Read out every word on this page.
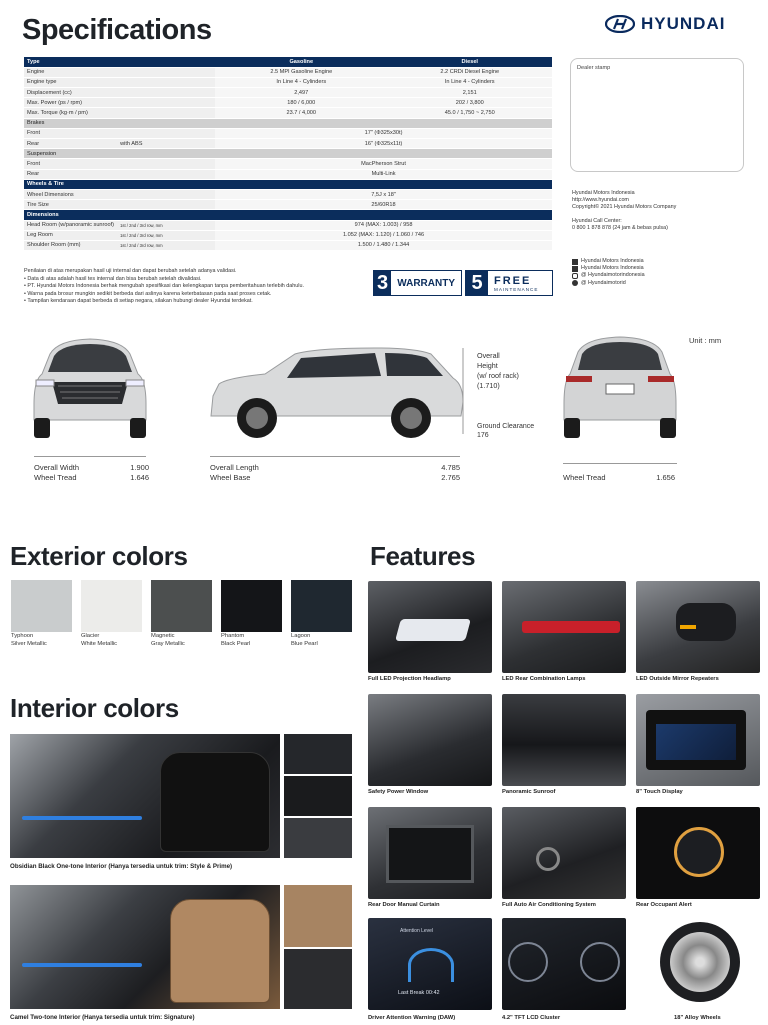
Specifications	HYUNDAI
Type		Gasoline	Diesel
Engine		2.5 MPI Gasoline Engine	2.2 CRDi Diesel Engine
Engine type		In Line 4 - Cylinders	In Line 4 - Cylinders
Displacement (cc)		2,497	2,151
Max. Power (ps / rpm)		180 / 6,000	202 / 3,800
Max. Torque (kg·m / pm)		23.7 / 4,000	45.0 / 1,750 ~ 2,750
Brakes			
Front		17" (Φ325x30t)	
Rear	with ABS	16" (Φ325x11t)	
Suspension			
Front		MacPherson Strut	
Rear		Multi-Link	
Wheels & Tire			
Wheel Dimensions		7,5J x 18"	
Tire Size		25/60R18	
Dimensions			
Head Room (w/panoramic sunroof)	1st / 2nd / 3rd row, mm	974 (MAX: 1.003) / 958	
Leg Room	1st / 2nd / 3rd row, mm	1.052 (MAX: 1.120) / 1.060 / 746	
Shoulder Room (mm)	1st / 2nd / 3rd row, mm	1.500 / 1.480 / 1.344	
Dealer stamp
Hyundai Motors Indonesia
http://www.hyundai.com
Copyright© 2021 Hyundai Motors Company
Hyundai Call Center:
0 800 1 878 878 (24 jam & bebas pulsa)
Hyundai Motors Indonesia
Hyundai Motors Indonesia
@ Hyundaimotorindonesia
@ Hyundaimotorid
Penilaian di atas merupakan hasil uji internal dan dapat berubah setelah adanya validasi.
• Data di atas adalah hasil tes internal dan bisa berubah setelah divalidasi.
• PT. Hyundai Motors Indonesia berhak mengubah spesifikasi dan kelengkapan tanpa pemberitahuan terlebih dahulu.
• Warna pada brosur mungkin sedikit berbeda dari aslinya karena keterbatasan pada saat proses cetak.
• Tampilan kendaraan dapat berbeda di setiap negara, silakan hubungi dealer Hyundai terdekat.
3 WARRANTY 5	FREE
MAINTENANCE
Overall Width	1.900
Wheel Tread	1.646
Overall Length	4.785
Wheel Base	2.765
Overall
Height
(w/ roof rack)
(1.710)
Ground Clearance
176
Unit : mm
Wheel Tread	1.656
Exterior colors
Typhoon
Silver Metallic
Glacier
White Metallic
Magnetic
Gray Metallic
Phantom
Black Pearl
Lagoon
Blue Pearl
Interior colors
Obsidian Black One-tone Interior (Hanya tersedia untuk trim: Style & Prime)
Camel Two-tone Interior (Hanya tersedia untuk trim: Signature)
Features
Full LED Projection Headlamp	LED Rear Combination Lamps	LED Outside Mirror Repeaters
Safety Power Window	Panoramic Sunroof	8" Touch Display
Rear Door Manual Curtain	Full Auto Air Conditioning System	Rear Occupant Alert
Attention Level
Last Break 00:42
Driver Attention Warning (DAW)	4.2" TFT LCD Cluster	18" Alloy Wheels
